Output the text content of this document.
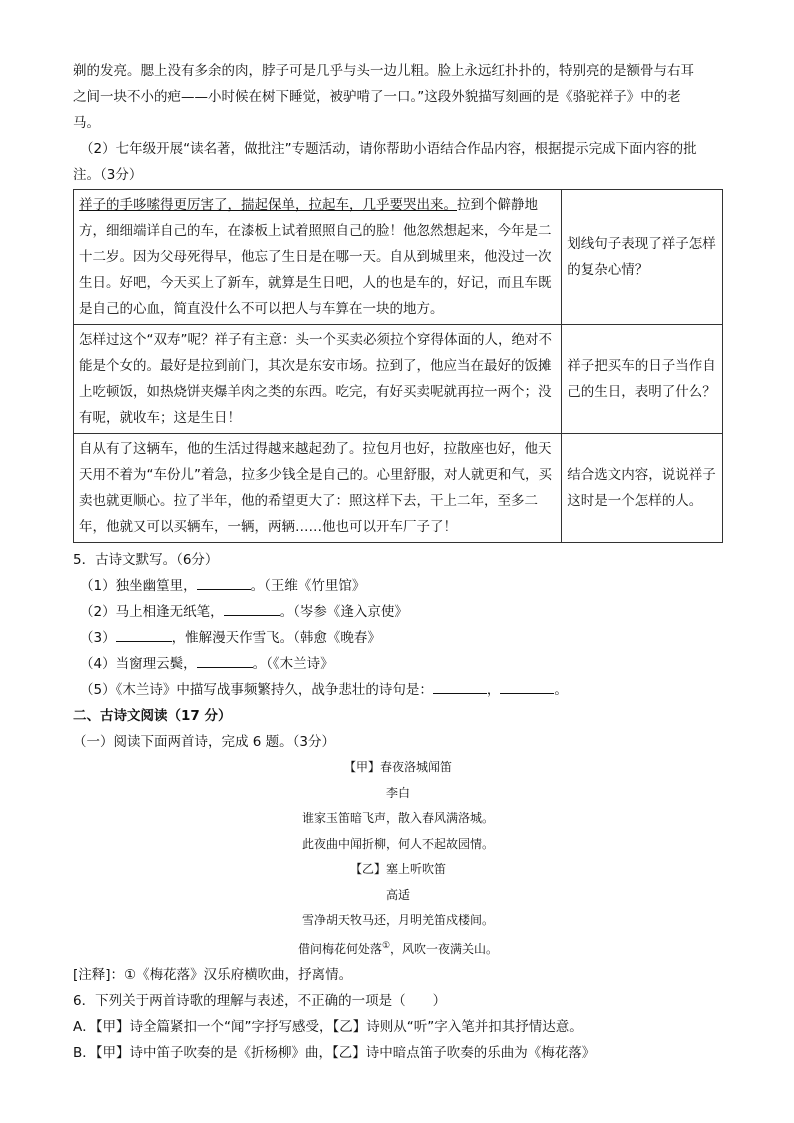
剃的发亮。腮上没有多余的肉，脖子可是几乎与头一边儿粗。脸上永远红扑扑的，特别亮的是额骨与右耳

之间一块不小的疤——小时候在树下睡觉，被驴啃了一口。”这段外貌描写刻画的是《骆驼祥子》中的老

马。

（2）七年级开展“读名著，做批注”专题活动，请你帮助小语结合作品内容，根据提示完成下面内容的批

注。（3分）

祥子的手哆嗦得更厉害了，揣起保单，拉起车，几乎要哭出来。拉到个僻静地方，细细端详自己的车，在漆板上试着照照自己的脸！他忽然想起来，今年是二十二岁。因为父母死得早，他忘了生日是在哪一天。自从到城里来，他没过一次生日。好吧，今天买上了新车，就算是生日吧，人的也是车的，好记，而且车既是自己的心血，简直没什么不可以把人与车算在一块的地方。	划线句子表现了祥子怎样的复杂心情？
怎样过这个“双寿”呢？祥子有主意：头一个买卖必须拉个穿得体面的人，绝对不能是个女的。最好是拉到前门，其次是东安市场。拉到了，他应当在最好的饭摊上吃顿饭，如热烧饼夹爆羊肉之类的东西。吃完，有好买卖呢就再拉一两个；没有呢，就收车；这是生日！	祥子把买车的日子当作自己的生日，表明了什么？
自从有了这辆车，他的生活过得越来越起劲了。拉包月也好，拉散座也好，他天天用不着为“车份儿”着急，拉多少钱全是自己的。心里舒服，对人就更和气，买卖也就更顺心。拉了半年，他的希望更大了：照这样下去，干上二年，至多二年，他就又可以买辆车，一辆，两辆……他也可以开车厂子了！	结合选文内容，说说祥子这时是一个怎样的人。

5．古诗文默写。（6分）

（1）独坐幽篁里，	。（王维《竹里馆》

（2）马上相逢无纸笔，	。（岑参《逢入京使》

（3）	，惟解漫天作雪飞。（韩愈《晚春》

（4）当窗理云鬓，	。（《木兰诗》

（5）《木兰诗》中描写战事频繁持久，战争悲壮的诗句是：	，	。

二、古诗文阅读（17 分）

（一）阅读下面两首诗，完成 6 题。（3分）

【甲】春夜洛城闻笛
李白
谁家玉笛暗飞声，散入春风满洛城。
此夜曲中闻折柳，何人不起故园情。
【乙】塞上听吹笛
高适
雪净胡天牧马还，月明羌笛戍楼间。
借问梅花何处落①，风吹一夜满关山。

[注释]：①《梅花落》汉乐府横吹曲，抒离情。

6．下列关于两首诗歌的理解与表述，不正确的一项是（　　）

A．【甲】诗全篇紧扣一个“闻”字抒写感受，【乙】诗则从“听”字入笔并扣其抒情达意。

B．【甲】诗中笛子吹奏的是《折杨柳》曲，【乙】诗中暗点笛子吹奏的乐曲为《梅花落》
